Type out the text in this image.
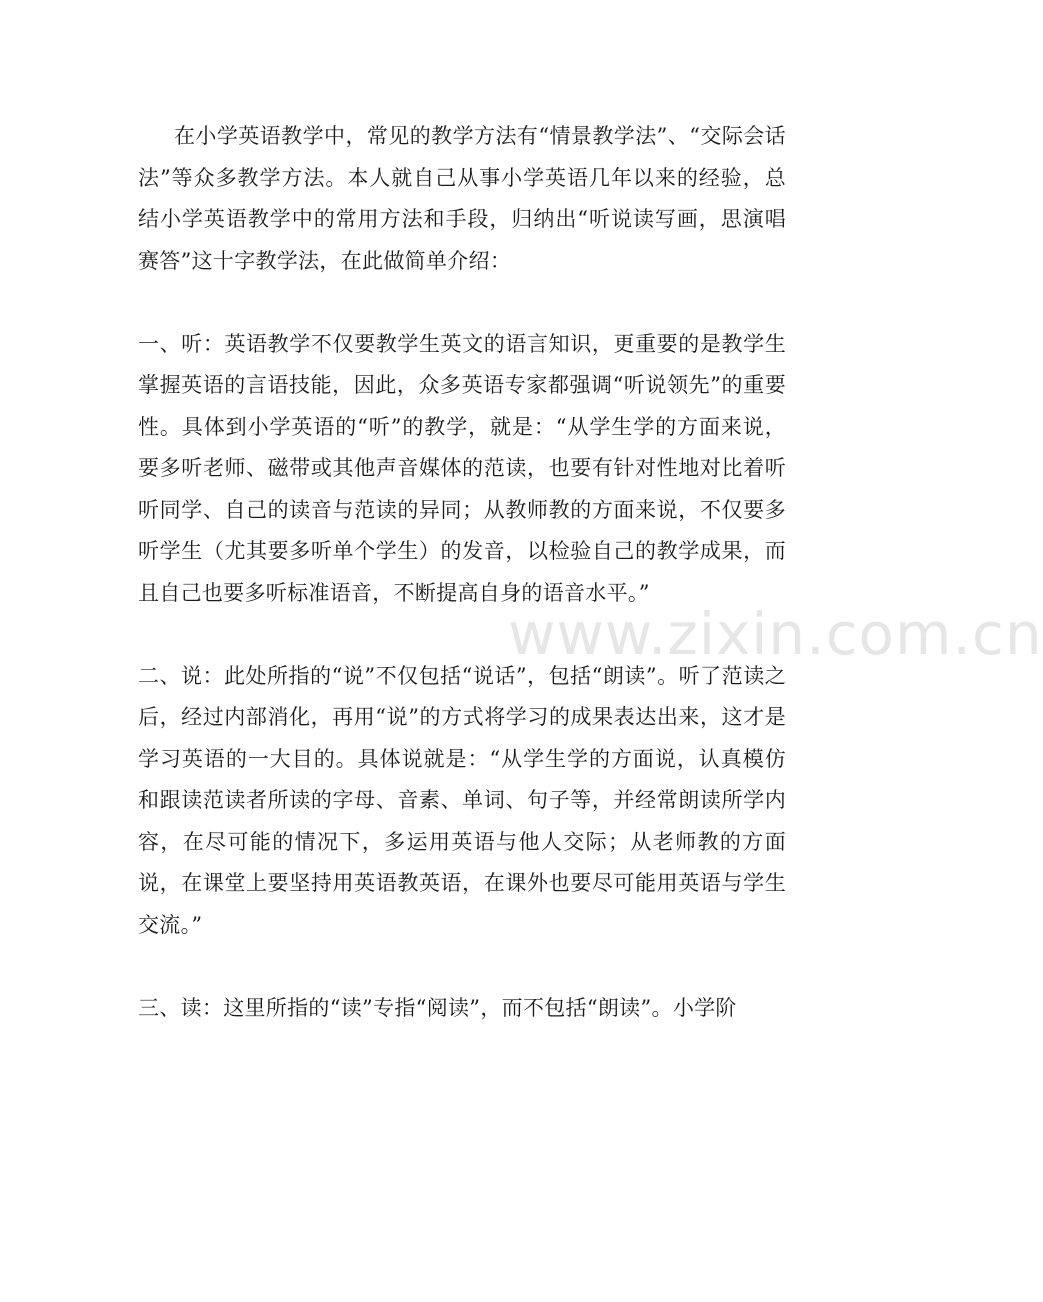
www.zixin.com.cn

在小学英语教学中，常见的教学方法有“情景教学法”、“交际会话法”等众多教学方法。本人就自己从事小学英语几年以来的经验，总结小学英语教学中的常用方法和手段，归纳出“听说读写画，思演唱赛答”这十字教学法，在此做简单介绍：

一、听：英语教学不仅要教学生英文的语言知识，更重要的是教学生掌握英语的言语技能，因此，众多英语专家都强调“听说领先”的重要性。具体到小学英语的“听”的教学，就是：“从学生学的方面来说，要多听老师、磁带或其他声音媒体的范读，也要有针对性地对比着听听同学、自己的读音与范读的异同；从教师教的方面来说，不仅要多听学生（尤其要多听单个学生）的发音，以检验自己的教学成果，而且自己也要多听标准语音，不断提高自身的语音水平。”

二、说：此处所指的“说”不仅包括“说话”，包括“朗读”。听了范读之后，经过内部消化，再用“说”的方式将学习的成果表达出来，这才是学习英语的一大目的。具体说就是：“从学生学的方面说，认真模仿和跟读范读者所读的字母、音素、单词、句子等，并经常朗读所学内容，在尽可能的情况下，多运用英语与他人交际；从老师教的方面说，在课堂上要坚持用英语教英语，在课外也要尽可能用英语与学生交流。”

三、读：这里所指的“读”专指“阅读”，而不包括“朗读”。小学阶
